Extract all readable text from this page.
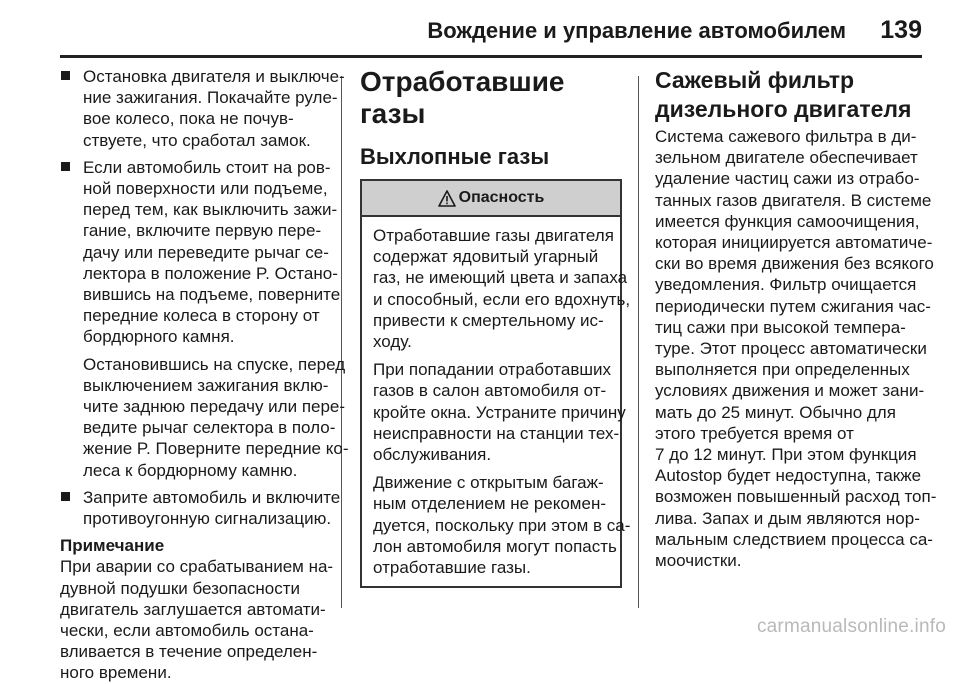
Вождение и управление автомобилем 139
Остановка двигателя и выключе-
ние зажигания. Покачайте руле-
вое колесо, пока не почув-
ствуете, что сработал замок.
Если автомобиль стоит на ров-
ной поверхности или подъеме,
перед тем, как выключить зажи-
гание, включите первую пере-
дачу или переведите рычаг се-
лектора в положение P. Остано-
вившись на подъеме, поверните
передние колеса в сторону от
бордюрного камня.
Остановившись на спуске, перед
выключением зажигания вклю-
чите заднюю передачу или пере-
ведите рычаг селектора в поло-
жение P. Поверните передние ко-
леса к бордюрному камню.
Заприте автомобиль и включите
противоугонную сигнализацию.
Примечание
При аварии со срабатыванием на-
дувной подушки безопасности
двигатель заглушается автомати-
чески, если автомобиль остана-
вливается в течение определен-
ного времени.
Отработавшие газы
Выхлопные газы
Опасность
Отработавшие газы двигателя
содержат ядовитый угарный
газ, не имеющий цвета и запаха
и способный, если его вдохнуть,
привести к смертельному ис-
ходу.
При попадании отработавших
газов в салон автомобиля от-
кройте окна. Устраните причину
неисправности на станции тех-
обслуживания.
Движение с открытым багаж-
ным отделением не рекомен-
дуется, поскольку при этом в са-
лон автомобиля могут попасть
отработавшие газы.
Сажевый фильтр
дизельного двигателя
Система сажевого фильтра в ди-
зельном двигателе обеспечивает
удаление частиц сажи из отрабо-
танных газов двигателя. В системе
имеется функция самоочищения,
которая инициируется автоматиче-
ски во время движения без всякого
уведомления. Фильтр очищается
периодически путем сжигания час-
тиц сажи при высокой темпера-
туре. Этот процесс автоматически
выполняется при определенных
условиях движения и может зани-
мать до 25 минут. Обычно для
этого требуется время от
7 до 12 минут. При этом функция
Autostop будет недоступна, также
возможен повышенный расход топ-
лива. Запах и дым являются нор-
мальным следствием процесса са-
моочистки.
carmanualsonline.info
